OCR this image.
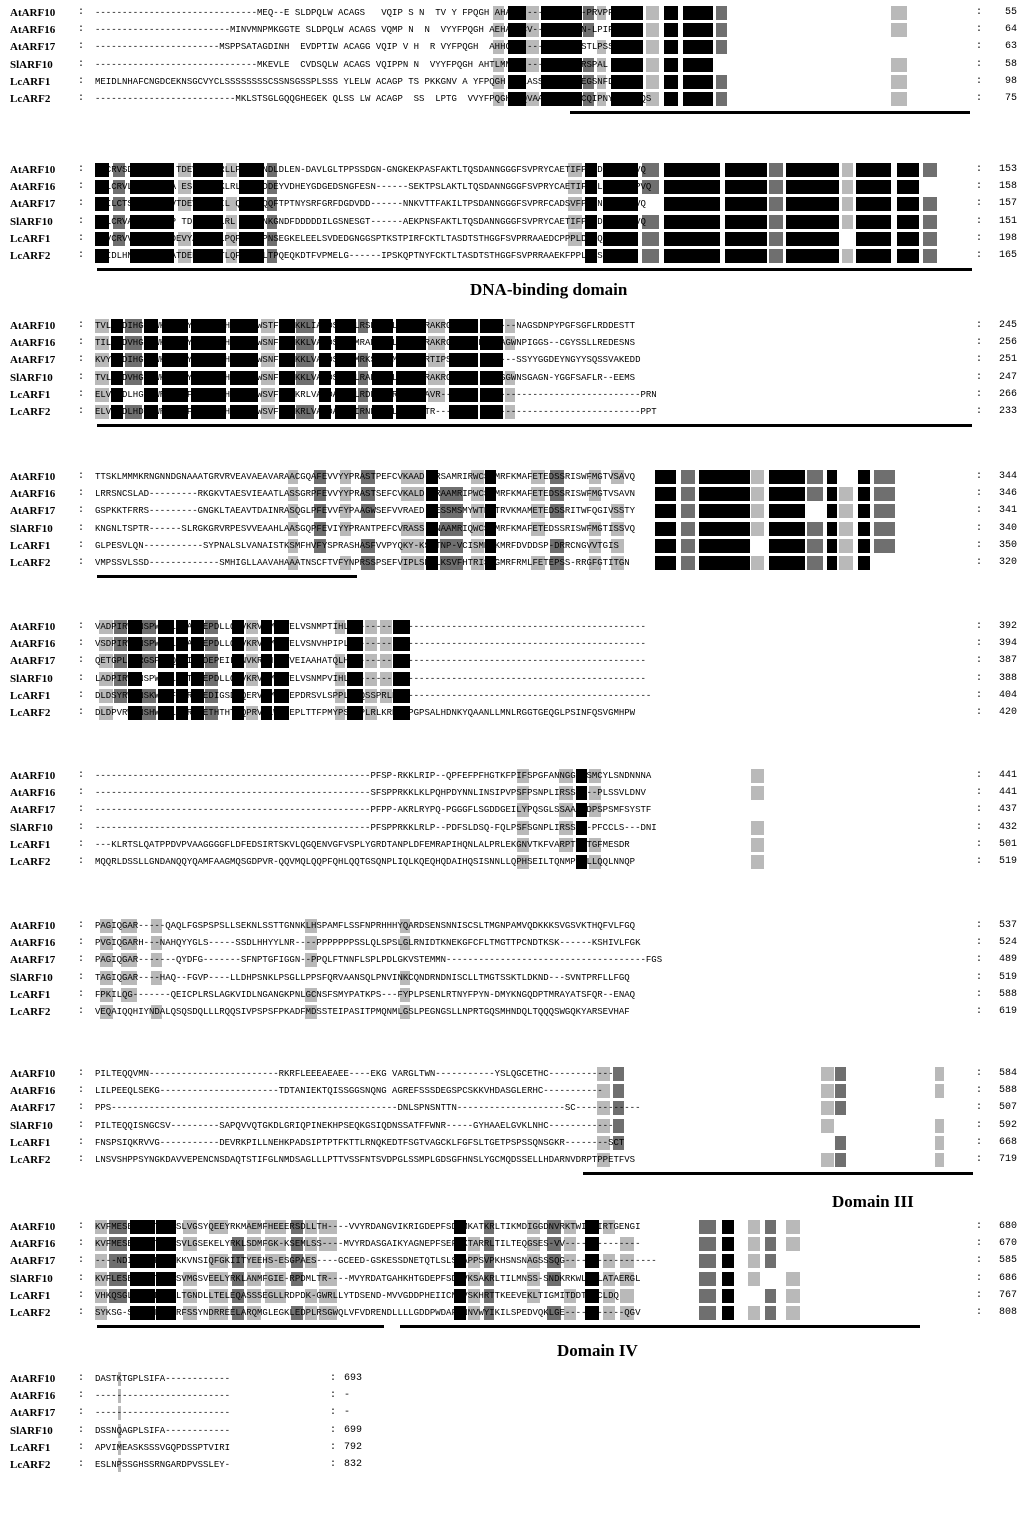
AtARF10	: ------------------------------MEQ--E SLDPQLW ACAGS   VQIP S N  TV Y FPQGH AHAPP-------DFHA-PRVPPL	:	55
AtARF16	: -------------------------MINVMNPMKGGTE SLDPQLW ACAGS VQMP N  N  VYYFPQGH AEHAYDCV------DFGN-LPIPPM	:	64
AtARF17	: -----------------------MSPPSATAGDINH  EVDPTIW ACAGG VQIP V H  R VYFPQGH  AHHCCP---------LLSTLPSSTSP	:	63
SlARF10	: ------------------------------MKEVLE  CVDSQLW ACAGS VQIPPN N  VYYFPQGH AHTLMNV------DFSALPRSPAL	:	58
LcARF1	: MEIDLNHAFCNGDCEKNSGCVYCLSSSSSSSSCSSNSGSSPLSSS YLELW ACAGP TS PKKGNV A YFPQGH SQLASS--PYPPLEGSNFDLQPQ	:	98
LcARF2	: --------------------------MKLSTSGLGQQGHEGEK QLSS LW ACAGP  SS  LPTG  VVYFPQGHS QVAASTNKEVDCQIPNYPSLPPQS	:	75
AtARF10	: I CRVSDVKFLADA TDEVFAKLRLLP LPGNDLDLEN-DAVLGLTPPSSDGN-GNGKEKPASFAKTLTQSDANNGGGFSVPRYCAETIFPRLDYSAEPPVQ	:	153
AtARF16	: I LCRVLAVKYLADA ESDEVFAKLRLIPLKDDEYVDHEYGDGEDSNGFESN------SEKTPSLAKTLTQSDANNGGGFSVPRYCAETIFPRLDYNAEPPVQ	:	158
AtARF17	: PLILCTS QLLADPVTDEVFAHLIL QPMTQQQFTPTNYSRFGRFDGDVDD------NNKVTTFAKILTPSDANNGGGFSVPRFCADSVFPLLNFQIDPPVQ	:	157
SlARF10	: I LCRVAAVKFLADP TDEVFARLRL VPVGNKGNDFDDDDDILGSNESGT------AEKPNSFAKTLTQSDANNGGGFSVPRYCAETIFPRLDYTADPPVQ	:	151
LcARF1	: FLVCRVVQLLAKN DEVYAQVTLLPQPELVGPNSEGKELEELSVDEDGNGGSPTKSTPIRFCKTLTASDTSTHGGFSVPRRAAEDCPPPLDYKQQRP Q	:	198
LcARF2	: I IDLHNVTMHADVATDEMYAQMTLQP----LTPQEQKDTFVPMELG------IPSKQPTNYFCKTLTASDTSTHGGFSVPRRAAEKFPPLDYSQQPPAQ	:	165
DNA-binding domain
AtARF10	: TVLAKDIHGETWKFRHIYRGTPRRHLLTTGWSTFVNQKKLIAGDSIVFLRSESGDLCVGIRRAKRGGLGS--------NAGSDNPYPGFSGFLRDDESTT	:	245
AtARF16	: TILAKDVHGDVWKFRHIYRGTPRRHLLTTGWSNFVNQKKLVAGDSIVFMRAENGDLCVGIRRAKRGGIGNGPEYSAGWNPIGGS--CGYSSLLREDESNS	:	256
AtARF17	: KVYVTDIHGEVWKFRHIYRGTPRRHLLTTGWSNFVNSKKLVAGDSIVFMRKSADEMCIGVRRTIPSSSDGG-------SSYYGGDEYNGYYSQSSVAKEDD	:	251
SlARF10	: TVLAKDVHGESWKFRHIYRGTPRRHLLTTGWSNFVNQKKLVAGDSIVFLRAENGELCVGIRRAKRGGIGGP-EAPSGWNSGAGN-YGGFSAFLR--EEMS	:	247
LcARF1	: ELVAKDLHGNEWRFRHIFRGQPRRHLLTTGWSVFVSSKRLVAGDAVLFLRDNGELRLGIRRAVR-------------------------------------PRN	:	266
LcARF2	: ELVARDLHDVEWRFRHIFRGQPKRHLLTTGWSVFVSAKRLVAGDAVLFIRNEKNQLGIRRATR--------------------------------------PPT	:	233
AtARF10	: TTSKLMMMKRNGNNDGNAAATGRVRVEAVAEAVARAACGQAFEVVYYPRASTPEFCVKAAD-VRSAMRIRWCSGMRFKMAFETEDSSRISWFMGTVSAVQ	:	344
AtARF16	: LRRSNCSLAD---------RKGKVTAESVIEAATLASSGRPFEVVYYPRASTSEFCVKALD-ARAAMRIPWCSGMRFKMAFETEDSSRISWFMGTVSAVN	:	346
AtARF17	: GSPKKTFRRS---------GNGKLTAEAVTDAINRASQGLPFEVVFYPAAGWSEFVVRAED-VESSMSMYWTPGTRVKMAMETEDSSRITWFQGIVSSTY	:	341
SlARF10	: KNGNLTSPTR------SLRGKGRVRPESVVEAAHLAASGQPFEVIYYPRANTPEFCVRASS-VNAAMRIQWCSGMRFKMAFETEDSSRISWFMGTISSVQ	:	340
LcARF1	: GLPESVLQN-----------SYPNALSLVANAISTKSMFHVFYSPRASHASFVVPYQKY-KSITNP-VCISMRFKMRFDVDDSP-DRRCNGVVTGIS	:	350
LcARF2	: VMPSSVLSSD-------------SMHIGLLAAVAHAAATNSCFTVFYNPRSSPSEFVIPLSKYLKSVFHTRISVGMRFRMLFETEPSS-RRGFGTITGN	:	320
AtARF10	: VADPIRWPNSPWRLLQVAWDEPDLLQNVKRVSPWLVELVSNMPTIHLS------------------------------------------------------	:	392
AtARF16	: VSDPIRWPNSPWRLLQVAWDEPDLLQNVKRVNPWLVELVSNVHPIPLT------------------------------------------------------	:	394
AtARF17	: QETGPLRWRGSPWKQLQITWDEPEILQNVKRVNPWQVEIAAHATQLHT------------------------------------------------------	:	387
SlARF10	: LADPIRWPNSPWRLLQVTWDEPDLLQNVKRVSPWLVELVSNMPVIHLS------------------------------------------------------	:	388
LcARF1	: DLDSYRWPNSKWRCFMVRWDEDIGSDHQERVSPWEIEPDRSVLSPPLNIQSSPRLK-----------------------------------------------	:	404
LcARF2	: DLDPVRWPNSHWRSLKVRWDETHTHTRQPRVSLWEIEPLTTFPMYPSLFPLRLKRPWHPGPSALHDNKYQAANLLMNLRGGTGEQGLPSINFQSVGMHPW	:	420
AtARF10	: ---------------------------------------------------PFSP-RKKLRIP--QPFEFPFHGTKFPIFSPGFANNGGGESMCYLSNDNNNA	:	441
AtARF16	: ---------------------------------------------------SFSPPRKKLKLPQHPDYNNLINSIPVPSFPSNPLIRSS----PLSSVLDNV	:	441
AtARF17	: ---------------------------------------------------PFPP-AKRLRYPQ-PGGGFLSGDDGEILYPQSGLSSAAAPDPSPSMFSYSTF	:	437
SlARF10	: ---------------------------------------------------PFSPPRKKLRLP--PDFSLDSQ-FQLPSFSGNPLIRSSS--PFCCLS---DNI	:	432
LcARF1	: ---KLRTSLQATPPDVPVAAGGGGFLDFEDSIRTSKVLQGQENVGFVSPLYGRDTANPLDFEMRAPIHQNLALPRLEKGNVTKFVARPTTYTGFMESDR	:	501
LcARF2	: MQQRLDSSLLGNDANQQYQAMFAAGMQSGDPVR-QQVMQLQQPFQHLQQTGSQNPLIQLKQEQHQDAIHQSISNNLLQPHSEILTQNMPRHLLQQLNNQP	:	519
AtARF10	: PAGIQGAR-----QAQLFGSPSPSLLSEKNLSSTTGNNKLHSPAMFLSSFNPRHHHYQARDSENSNNISCSLTMGNPAMVQDKKKSVGSVKTHQFVLFGQ	:	537
AtARF16	: PVGIQGARH---NAHQYYGLS-----SSDLHHYYLNR----PPPPPPPSSLQLSPSLGLRNIDTKNEKGFCFLTMGTTPCNDTKSK------KSHIVLFGK	:	524
AtARF17	: PAGIQGAR-------QYDFG-------SFNPTGFIGGN--PPQLFTNNFLSPLPDLGKVSTEMMN-------------------------------------FGS	:	489
SlARF10	: TAGIQGAR----HAQ--FGVP----LLDHPSNKLPSGLLPPSFQRVAANSQLPNVINKCQNDRNDNISCLLTMGTSSKTLDKND---SVNTPRFLLFGQ	:	519
LcARF1	: FPKILQG-------QEICPLRSLAGKVIDLNGANGKPNLGCNSFSMYPATKPS---FYPLPSENLRTNYFPYN-DMYKNGQDPTMRAYATSFQR--ENAQ	:	588
LcARF2	: VEQAIQQHIYNDALQSQSDQLLLRQQSIVPSPSFPKADFMDSSTEIPASITPMQNMLGSLPEGNGSLLNPRTGQSMHNDQLTQQQSWGQKYARSEVHAF	:	619
AtARF10	: PILTEQQVMN------------------------RKRFLEEEAEAEE----EKG VARGLTWN-----------YSLQGCETHC------------	:	584
AtARF16	: LILPEEQLSEKG----------------------TDTANIEKTQISSGGSNQNG AGREFSSSDEGSPCSKKVHDASGLERHC-----------	:	588
AtARF17	: PPS-----------------------------------------------------DNLSPNSNTTN--------------------SC------------	:	507
SlARF10	: PILTEQQISNGCSV---------SAPQVVQTGKDLGRIQPINEKHPSEQKGSIQDNSSATFFWNR-----GYHAAELGVKLNHC------------	:	592
LcARF1	: FNSPSIQKRVVG-----------DEVRKPILLNEHKPADSIPTPTFKTTLRNQKEDTFSGTVAGCKLFGFSLTGETPSPSSQNSGKR--------SCT	:	668
LcARF2	: LNSVSHPPSYNGKDAVVEPENCNSDAQTSTIFGLNMDSAGLLLPTTVSSFNTSVDPGLSSMPLGDSGFHNSLYGCMQDSSELLHDARNVDRPTPPETFVS	:	719
Domain III
AtARF10	: KVFMESEDVGRTLDLSLVGSYQEEYRKMAEMFHEEERSDLLTH----VVYRDANGVIKRIGDEPFSDFMKATKRLTIKMDIGGDNVRKTWITGIRTGENGI	:	680
AtARF16	: KVFMESEDVGRTLDLSVLGSEKELYRKLSDMFGK-KSEMLSS----MVYRDASGAIKYAGNEPFSEFLKTARRLTILTEQGSES-VV--------------	:	670
AtARF17	: ----NDIWNRGPISSKKVNSIQFGKIITYEEHS-ESGPAES----GCEED-GSKESSDNETQTLSLSHAPPSVPKHSNSNAGSSSQG-----------------	:	585
SlARF10	: KVFLESEDVGRTLDLSVMGSVEELYRKLANMFGIE-RPDMLTR----MVYRDATGAHKHTGDEPFSDFVKSAKRLTILMNSS-SNDKRKWLTGLATAERGL	:	686
LcARF1	: VHKQSGLSCAIDLSRLTGNDLLTELEQASSSEGLLRDPDK-GWRLLYTDSEND-MVVGDDPHEIICNVVSKHRTTKEEVEKLTIGMITDDTQSCLDQ	:	767
LcARF2	: SYKSG-SVGRSLDISRFSSYNDRREELARQMGLEGKLEDPLRSGWQLVFVDRENDLLLLGDDPWDAFVNNVWYIKILSPEDVQKLGE-----------QGV	:	808
Domain IV
AtARF10	: DASTKTGPLSIFA------------	: 693
AtARF16	: -------------------------	: -
AtARF17	: -------------------------	: -
SlARF10	: DSSNQAGPLSIFA------------	: 699
LcARF1	: APVIMEASKSSSVGQPDSSPTVIRI	: 792
LcARF2	: ESLNPSSGHSSRNGARDPVSSLEY-	: 832
